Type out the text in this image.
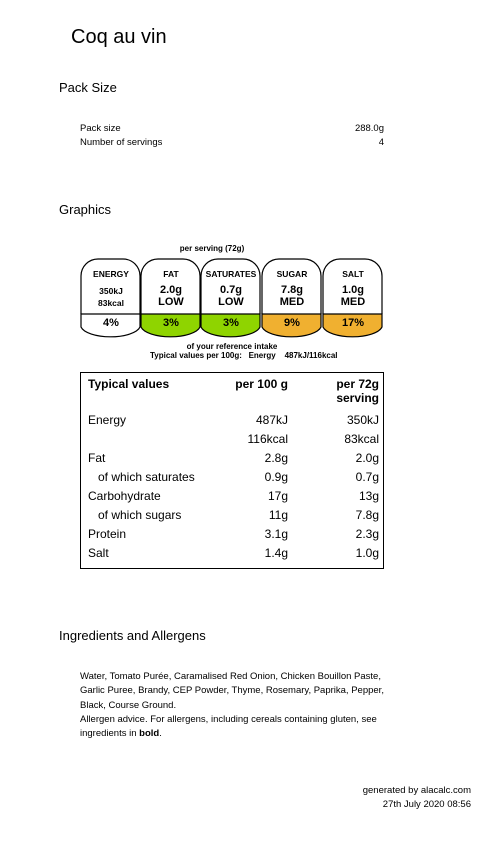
Coq au vin
Pack Size
Pack size	288.0g
Number of servings	4
Graphics
per serving (72g)
ENERGY
350kJ
83kcal
4%
FAT
2.0g
LOW
3%
SATURATES
0.7g
LOW
3%
SUGAR
7.8g
MED
9%
SALT
1.0g
MED
17%
of your reference intake
Typical values per 100g:   Energy    487kJ/116kcal
Typical values	per 100 g	per 72g serving
Energy	487kJ	350kJ
	116kcal	83kcal
Fat	2.8g	2.0g
of which saturates	0.9g	0.7g
Carbohydrate	17g	13g
of which sugars	11g	7.8g
Protein	3.1g	2.3g
Salt	1.4g	1.0g
Ingredients and Allergens
Water, Tomato Purée, Caramalised Red Onion, Chicken Bouillon Paste, Garlic Puree, Brandy, CEP Powder, Thyme, Rosemary, Paprika, Pepper, Black, Course Ground.
Allergen advice. For allergens, including cereals containing gluten, see ingredients in bold.
generated by alacalc.com
27th July 2020 08:56
